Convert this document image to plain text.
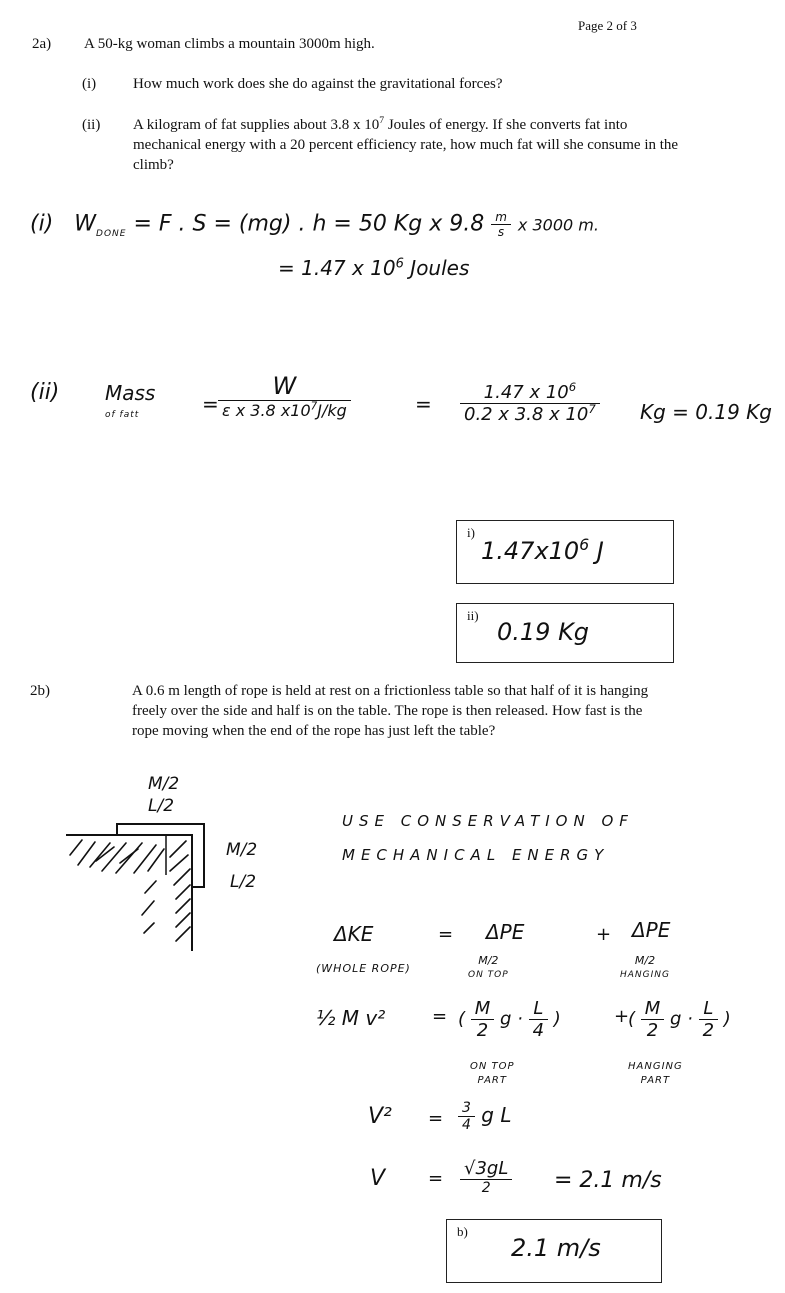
Page 2 of 3
2a) A 50-kg woman climbs a mountain 3000m high.
(i) How much work does she do against the gravitational forces?
(ii) A kilogram of fat supplies about 3.8 x $10^7$ Joules of energy. If she converts fat into mechanical energy with a 20 percent efficiency rate, how much fat will she consume in the climb?
(i) $W_{DONE} = F$ . S = (mg) . h = 50 Kg x $9.8 \frac{m}{s}$ x 3000 m.
= 1.47 x $10^6$ Joules
(ii) Mass
of fatt	= $\frac{W}{\varepsilon x 3.8 x10^7J/kg}$	= $\frac{1.47 x 10^6}{0.2 x 3.8 x 10^7}$ Kg = 0.19 Kg
i)
$1.47x10^6$ J
ii)
0.19 Kg
2b)	A 0.6 m length of rope is held at rest on a frictionless table so that half of it is hanging freely over the side and half is on the table. The rope is then released. How fast is the rope moving when the end of the rope has just left the table?
M/2
L/2
M/2
L/2
USE CONSERVATION OF
MECHANICAL ENERGY
ΔKE	= ΔPE	+ ΔPE
(WHOLE ROPE)
M/2
ON TOP
M/2
HANGING
½ M v²	= ( $\frac{M}{2}$ $g \cdot \frac{L}{4}$ )	+
( $\frac{M}{2}$ $g \cdot \frac{L}{2}$ )
ON TOP
PART
HANGING
PART
$V^2 = \frac{3}{4}$ g L
$V = \frac{√3gL}{2} = 2.1$ m/s
b)
2.1 m/s
